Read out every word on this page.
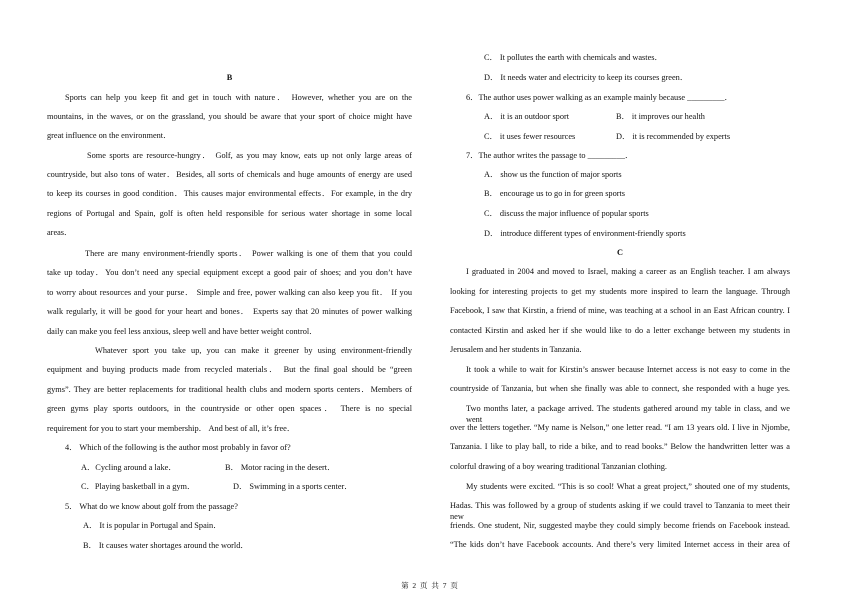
B
Sports can help you keep fit and get in touch with nature． However, whether you are on the
mountains, in the waves, or on the grassland, you should be aware that your sport of choice might have
great influence on the environment．
Some sports are resource-hungry． Golf, as you may know, eats up not only large areas of
countryside, but also tons of water．Besides, all sorts of chemicals and huge amounts of energy are used
to keep its courses in good condition．This causes major environmental effects．For example, in the dry
regions of Portugal and Spain, golf is often held responsible for serious water shortage in some local
areas．
There are many environment-friendly sports． Power walking is one of them that you could
take up today．You don’t need any special equipment except a good pair of shoes; and you don’t have
to worry about resources and your purse． Simple and free, power walking can also keep you fit． If you
walk regularly, it will be good for your heart and bones． Experts say that 20 minutes of power walking
daily can make you feel less anxious, sleep well and have better weight control．
Whatever sport you take up, you can make it greener by using environment-friendly
equipment and buying products made from recycled materials． But the final goal should be “green
gyms”. They are better replacements for traditional health clubs and modern sports centers．Members of
green gyms play sports outdoors, in the countryside or other open spaces． There is no special
requirement for you to start your membership． And best of all, it’s free．
4． Which of the following is the author most probably in favor of?
A．Cycling around a lake．	B． Motor racing in the desert．
C．Playing basketball in a gym．	D． Swimming in a sports center．
5． What do we know about golf from the passage?
A． It is popular in Portugal and Spain．
B． It causes water shortages around the world．
C． It pollutes the earth with chemicals and wastes．
D． It needs water and electricity to keep its courses green．
6．The author uses power walking as an example mainly because _________．
A． it is an outdoor sport	B． it improves our health
C． it uses fewer resources	D． it is recommended by experts
7．The author writes the passage to _________．
A． show us the function of major sports
B． encourage us to go in for green sports
C． discuss the major influence of popular sports
D． introduce different types of environment-friendly sports
C
I graduated in 2004 and moved to Israel, making a career as an English teacher. I am always
looking for interesting projects to get my students more inspired to learn the language. Through
Facebook, I saw that Kirstin, a friend of mine, was teaching at a school in an East African country. I
contacted Kirstin and asked her if she would like to do a letter exchange between my students in
Jerusalem and her students in Tanzania.
It took a while to wait for Kirstin’s answer because Internet access is not easy to come in the
countryside of Tanzania, but when she finally was able to connect, she responded with a huge yes.
Two months later, a package arrived. The students gathered around my table in class, and we went
over the letters together. “My name is Nelson,” one letter read. “I am 13 years old. I live in Njombe,
Tanzania. I like to play ball, to ride a bike, and to read books.” Below the handwritten letter was a
colorful drawing of a boy wearing traditional Tanzanian clothing.
My students were excited. “This is so cool! What a great project,” shouted one of my students,
Hadas. This was followed by a group of students asking if we could travel to Tanzania to meet their new
friends. One student, Nir, suggested maybe they could simply become friends on Facebook instead.
“The kids don’t have Facebook accounts. And there’s very limited Internet access in their area of
第 2 页 共 7 页
